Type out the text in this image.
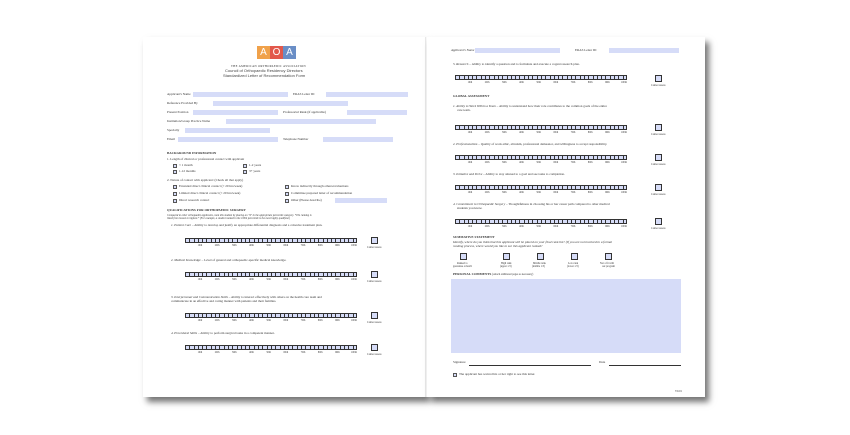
A O A
THE AMERICAN ORTHOPAEDIC ASSOCIATION
Council of Orthopaedic Residency Directors
Standardized Letter of Recommendation Form
Applicant's Name	ERAS Letter ID
Reference Provided By
Present Position	Professorial Rank (if applicable)
Institution/Group Practice Name
Specialty
Email	Telephone Number
BACKGROUND INFORMATION
1. Length of clinical or professional contact with applicant
< 1 month	1-2 years
1-12 months	3+ years
2. Nature of contact with applicant: (Check all that apply)
Extended direct clinical contact (> 20 hrs/week)	Know indirectly through others/evaluations
Limited direct clinical contact (< 20 hrs/week)	Committee prepared letter of recommendation
Direct research contact	Other (Please describe)
QUALIFICATIONS FOR ORTHOPAEDIC SURGERY
Compared to other orthopaedic applicants, rank this student by placing an "X" in the appropriate percentile category. *The ranking is
listed from lowest to highest.* (For example, a student ranked in the 100th percentile is the most highly qualified.)
1. Patient Care – Ability to develop and justify an appropriate differential diagnosis and a cohesive treatment plan.
10th	20th	30th	40th	50th	60th	70th	80th	90th	100th
Cannot assess
2. Medical Knowledge – Level of general and orthopaedic-specific medical knowledge.
10th	20th	30th	40th	50th	60th	70th	80th	90th	100th
Cannot assess
3. Interpersonal and Communication Skills – Ability to interact effectively with others on the health care team and
communicate in an effective and caring manner with patients and their families.
10th	20th	30th	40th	50th	60th	70th	80th	90th	100th
Cannot assess
4. Procedural Skills – Ability to perform surgical tasks in a competent manner.
10th	20th	30th	40th	50th	60th	70th	80th	90th	100th
Cannot assess
Applicant's Name	ERAS Letter ID
5. Research – Ability to identify a question and to formulate and execute a cogent research plan.
10th	20th	30th	40th	50th	60th	70th	80th	90th	100th
Cannot assess
GLOBAL ASSESSMENT
1. Ability to Work Within a Team – Ability to understand how their role contributes to the common goals of the entire
care team.
10th	20th	30th	40th	50th	60th	70th	80th	90th	100th
Cannot assess
2. Professionalism – Quality of work ethic, altruism, professional demeanor, and willingness to accept responsibility.
10th	20th	30th	40th	50th	60th	70th	80th	90th	100th
Cannot assess
3. Initiative and Drive – Ability to stay attuned to a goal and see tasks to completion.
10th	20th	30th	40th	50th	60th	70th	80th	90th	100th
Cannot assess
4. Commitment to Orthopaedic Surgery – Thoughtfulness in choosing his or her career path compared to other medical
students you know.
10th	20th	30th	40th	50th	60th	70th	80th	90th	100th
Cannot assess
SUMMATIVE STATEMENT
Identify, where do you think that this applicant will be placed on your final rank list? (If you are not involved in a formal
ranking process, where would you like to see this applicant ranked?
Ranked to
guarantee a match
High rank
(upper 1/3)
Middle rank
(middle 1/3)
Low rank
(lower 1/3)
Not a fit with
our program
PERSONAL COMMENTS (Attach additional pages as necessary)
Signature	Date
The applicant has waived his or her right to see this letter.
V0.01
